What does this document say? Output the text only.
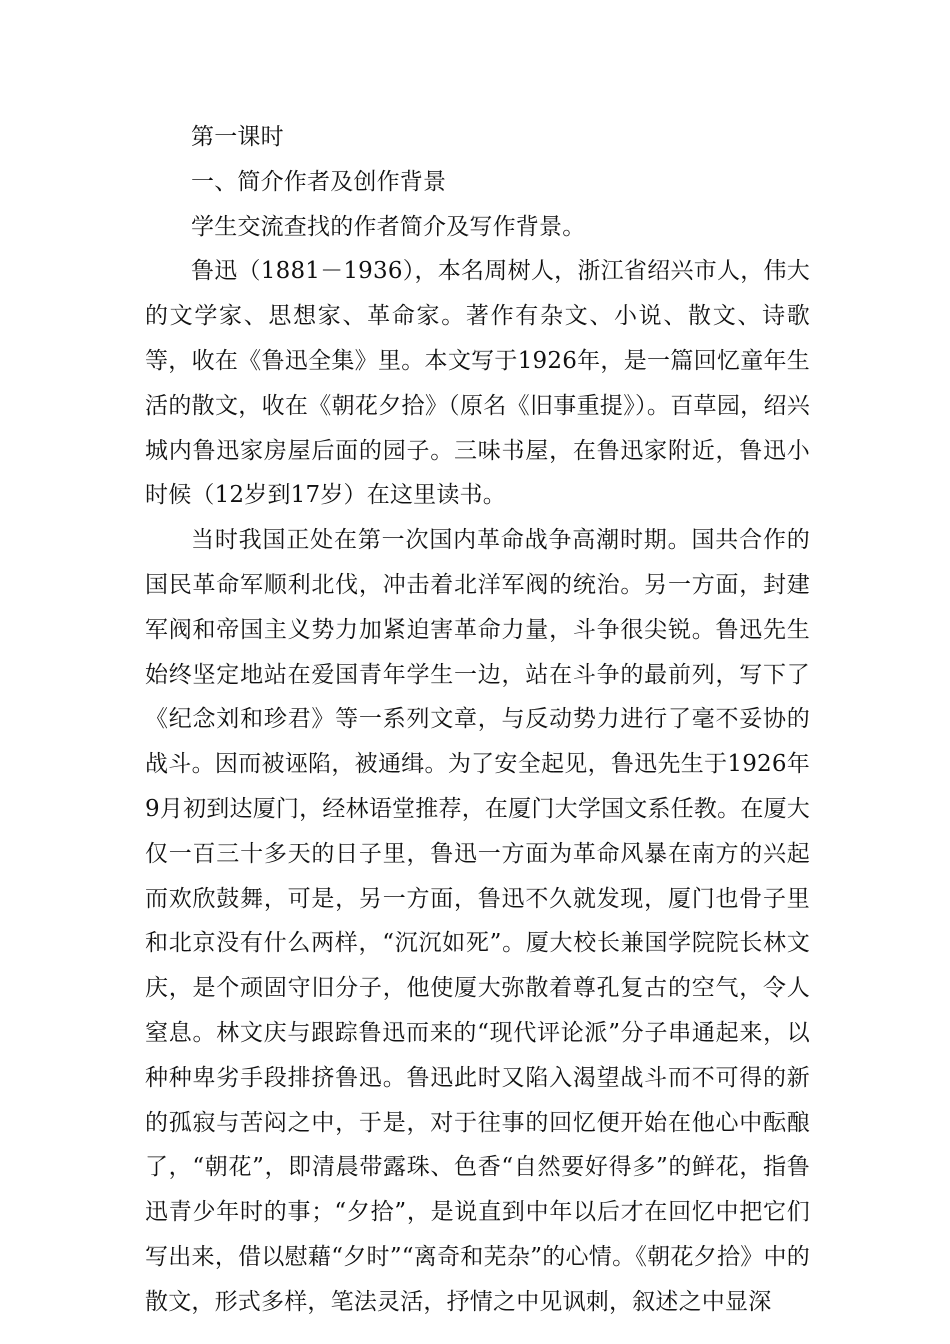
第一课时

一、简介作者及创作背景

学生交流查找的作者简介及写作背景。

鲁迅（1881－1936），本名周树人，浙江省绍兴市人，伟大的文学家、思想家、革命家。著作有杂文、小说、散文、诗歌等，收在《鲁迅全集》里。本文写于1926年，是一篇回忆童年生活的散文，收在《朝花夕拾》（原名《旧事重提》）。百草园，绍兴城内鲁迅家房屋后面的园子。三味书屋，在鲁迅家附近，鲁迅小时候（12岁到17岁）在这里读书。

当时我国正处在第一次国内革命战争高潮时期。国共合作的国民革命军顺利北伐，冲击着北洋军阀的统治。另一方面，封建军阀和帝国主义势力加紧迫害革命力量，斗争很尖锐。鲁迅先生始终坚定地站在爱国青年学生一边，站在斗争的最前列，写下了《纪念刘和珍君》等一系列文章，与反动势力进行了毫不妥协的战斗。因而被诬陷，被通缉。为了安全起见，鲁迅先生于1926年9月初到达厦门，经林语堂推荐，在厦门大学国文系任教。在厦大仅一百三十多天的日子里，鲁迅一方面为革命风暴在南方的兴起而欢欣鼓舞，可是，另一方面，鲁迅不久就发现，厦门也骨子里和北京没有什么两样，“沉沉如死”。厦大校长兼国学院院长林文庆，是个顽固守旧分子，他使厦大弥散着尊孔复古的空气，令人窒息。林文庆与跟踪鲁迅而来的“现代评论派”分子串通起来，以种种卑劣手段排挤鲁迅。鲁迅此时又陷入渴望战斗而不可得的新的孤寂与苦闷之中，于是，对于往事的回忆便开始在他心中酝酿了，“朝花”，即清晨带露珠、色香“自然要好得多”的鲜花，指鲁迅青少年时的事；“夕拾”，是说直到中年以后才在回忆中把它们写出来，借以慰藉“夕时”“离奇和芜杂”的心情。《朝花夕拾》中的散文，形式多样，笔法灵活，抒情之中见讽刺，叙述之中显深
